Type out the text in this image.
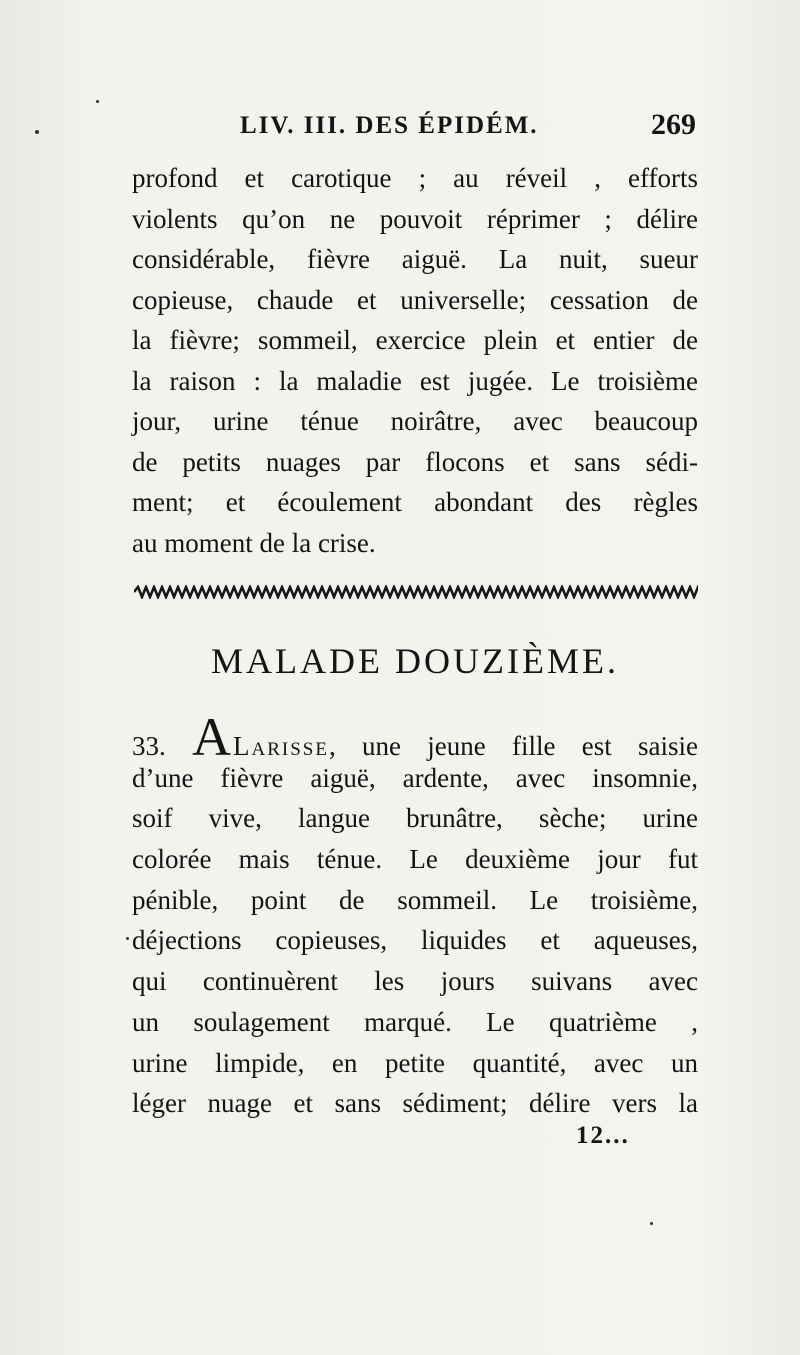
LIV. III. DES ÉPIDÉM.	269
profond et carotique ; au réveil , efforts
violents qu’on ne pouvoit réprimer ; délire
considérable, fièvre aiguë. La nuit, sueur
copieuse, chaude et universelle; cessation de
la fièvre; sommeil, exercice plein et entier de
la raison : la maladie est jugée. Le troisième
jour, urine ténue noirâtre, avec beaucoup
de petits nuages par flocons et sans sédi-
ment; et écoulement abondant des règles
au moment de la crise.
MALADE DOUZIÈME.
33. ALarisse, une jeune fille est saisie
d’une fièvre aiguë, ardente, avec insomnie,
soif vive, langue brunâtre, sèche; urine
colorée mais ténue. Le deuxième jour fut
pénible, point de sommeil. Le troisième,
déjections copieuses, liquides et aqueuses,
qui continuèrent les jours suivans avec
un soulagement marqué. Le quatrième ,
urine limpide, en petite quantité, avec un
léger nuage et sans sédiment; délire vers la
12...
